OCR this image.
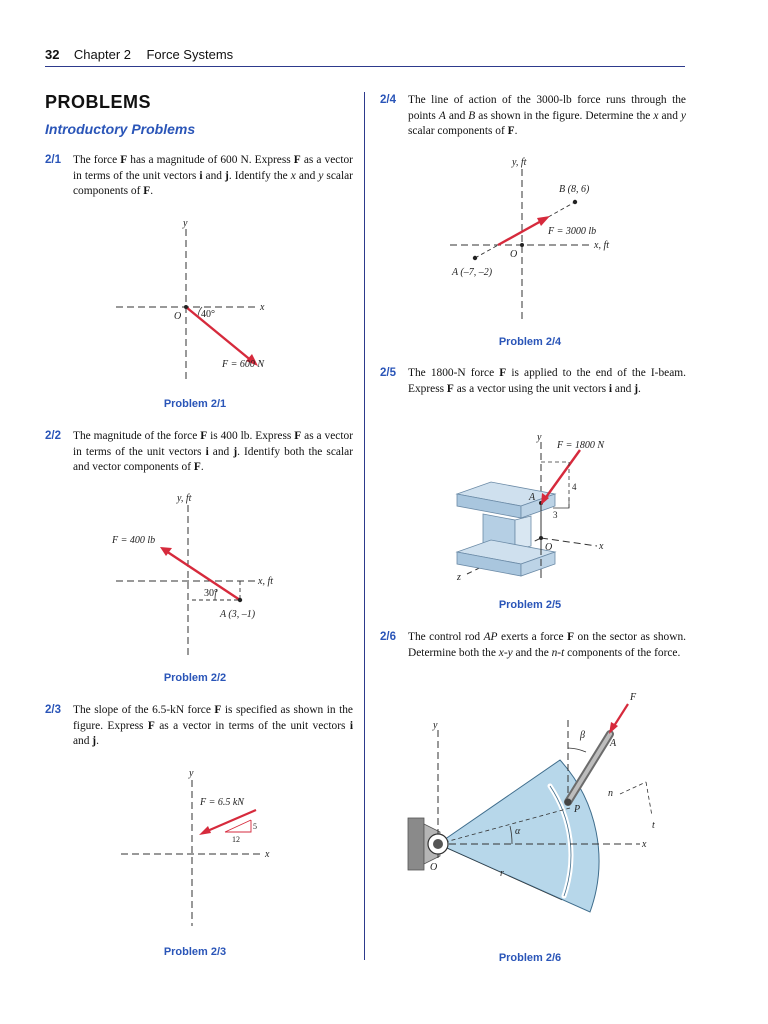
32 Chapter 2 Force Systems
PROBLEMS
Introductory Problems
2/1 The force F has a magnitude of 600 N. Express F as a vector in terms of the unit vectors i and j. Identify the x and y scalar components of F.
2/2 The magnitude of the force F is 400 lb. Express F as a vector in terms of the unit vectors i and j. Identify both the scalar and vector components of F.
2/3 The slope of the 6.5-kN force F is specified as shown in the figure. Express F as a vector in terms of the unit vectors i and j.
2/4 The line of action of the 3000-lb force runs through the points A and B as shown in the figure. Determine the x and y scalar components of F.
2/5 The 1800-N force F is applied to the end of the I-beam. Express F as a vector using the unit vectors i and j.
2/6 The control rod AP exerts a force F on the sector as shown. Determine both the x-y and the n-t components of the force.
y
x
O 40°
F = 600 N
Problem 2/1
y, ft
x, ft
30°
A (3, –1)
F = 400 lb
Problem 2/2
y
x
F = 6.5 kN
5
12
Problem 2/3
y, ft
x, ft
O
B (8, 6)
A (–7, –2)
F = 3000 lb
Problem 2/4
y
x
z
O
A
4
3
F = 1800 N
Problem 2/5
y
x
O
r
α
P
A
F
β
n
t
Problem 2/6
